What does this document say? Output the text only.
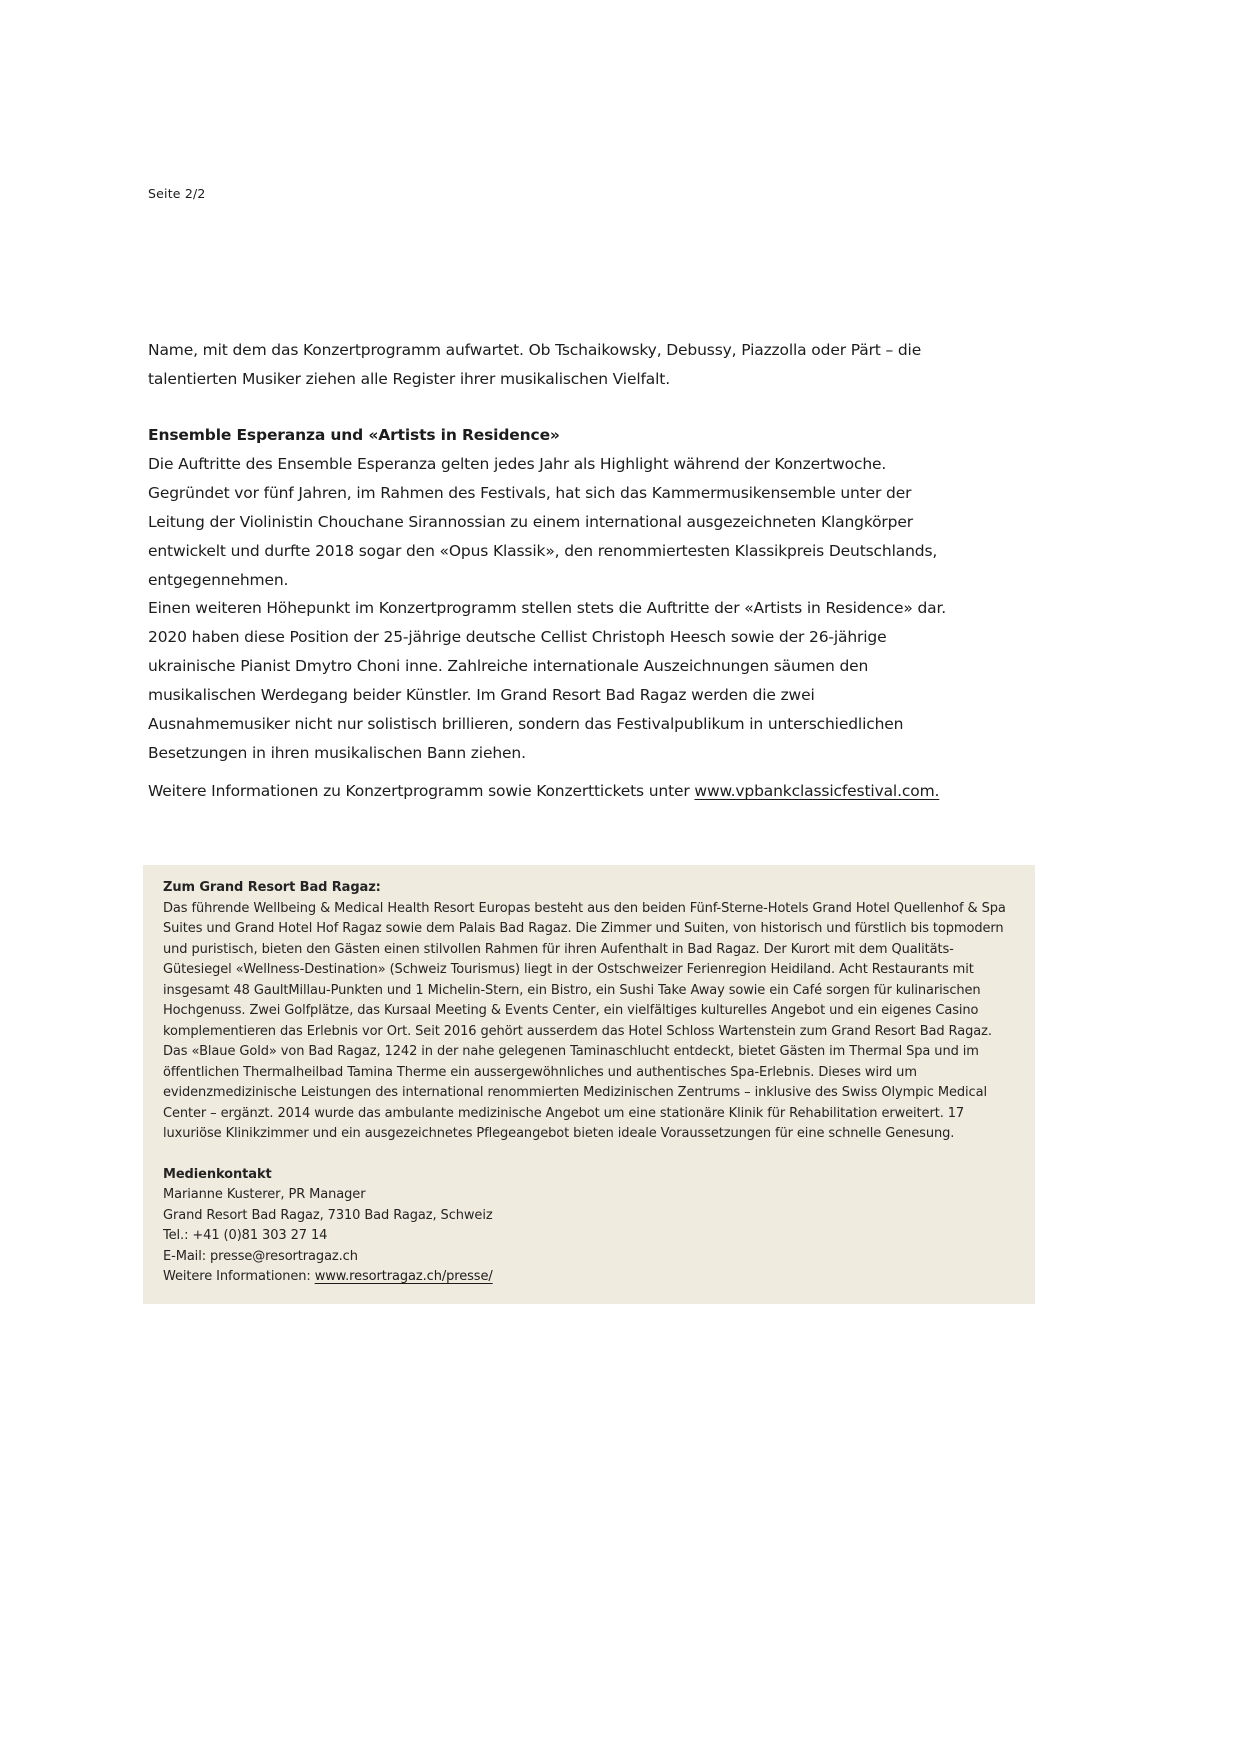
Seite 2/2

Name, mit dem das Konzertprogramm aufwartet. Ob Tschaikowsky, Debussy, Piazzolla oder Pärt – die talentierten Musiker ziehen alle Register ihrer musikalischen Vielfalt.

Ensemble Esperanza und «Artists in Residence»

Die Auftritte des Ensemble Esperanza gelten jedes Jahr als Highlight während der Konzertwoche. Gegründet vor fünf Jahren, im Rahmen des Festivals, hat sich das Kammermusikensemble unter der Leitung der Violinistin Chouchane Sirannossian zu einem international ausgezeichneten Klangkörper entwickelt und durfte 2018 sogar den «Opus Klassik», den renommiertesten Klassikpreis Deutschlands, entgegennehmen.

Einen weiteren Höhepunkt im Konzertprogramm stellen stets die Auftritte der «Artists in Residence» dar. 2020 haben diese Position der 25-jährige deutsche Cellist Christoph Heesch sowie der 26-jährige ukrainische Pianist Dmytro Choni inne. Zahlreiche internationale Auszeichnungen säumen den musikalischen Werdegang beider Künstler. Im Grand Resort Bad Ragaz werden die zwei Ausnahmemusiker nicht nur solistisch brillieren, sondern das Festivalpublikum in unterschiedlichen Besetzungen in ihren musikalischen Bann ziehen.

Weitere Informationen zu Konzertprogramm sowie Konzerttickets unter www.vpbankclassicfestival.com.
Zum Grand Resort Bad Ragaz:

Das führende Wellbeing & Medical Health Resort Europas besteht aus den beiden Fünf-Sterne-Hotels Grand Hotel Quellenhof & Spa Suites und Grand Hotel Hof Ragaz sowie dem Palais Bad Ragaz. Die Zimmer und Suiten, von historisch und fürstlich bis topmodern und puristisch, bieten den Gästen einen stilvollen Rahmen für ihren Aufenthalt in Bad Ragaz. Der Kurort mit dem Qualitäts-Gütesiegel «Wellness-Destination» (Schweiz Tourismus) liegt in der Ostschweizer Ferienregion Heidiland. Acht Restaurants mit insgesamt 48 GaultMillau-Punkten und 1 Michelin-Stern, ein Bistro, ein Sushi Take Away sowie ein Café sorgen für kulinarischen Hochgenuss. Zwei Golfplätze, das Kursaal Meeting & Events Center, ein vielfältiges kulturelles Angebot und ein eigenes Casino komplementieren das Erlebnis vor Ort. Seit 2016 gehört ausserdem das Hotel Schloss Wartenstein zum Grand Resort Bad Ragaz. Das «Blaue Gold» von Bad Ragaz, 1242 in der nahe gelegenen Taminaschlucht entdeckt, bietet Gästen im Thermal Spa und im öffentlichen Thermalheilbad Tamina Therme ein aussergewöhnliches und authentisches Spa-Erlebnis. Dieses wird um evidenzmedizinische Leistungen des international renommierten Medizinischen Zentrums – inklusive des Swiss Olympic Medical Center – ergänzt. 2014 wurde das ambulante medizinische Angebot um eine stationäre Klinik für Rehabilitation erweitert. 17 luxuriöse Klinikzimmer und ein ausgezeichnetes Pflegeangebot bieten ideale Voraussetzungen für eine schnelle Genesung.

Medienkontakt
Marianne Kusterer, PR Manager
Grand Resort Bad Ragaz, 7310 Bad Ragaz, Schweiz
Tel.: +41 (0)81 303 27 14
E-Mail: presse@resortragaz.ch
Weitere Informationen: www.resortragaz.ch/presse/
